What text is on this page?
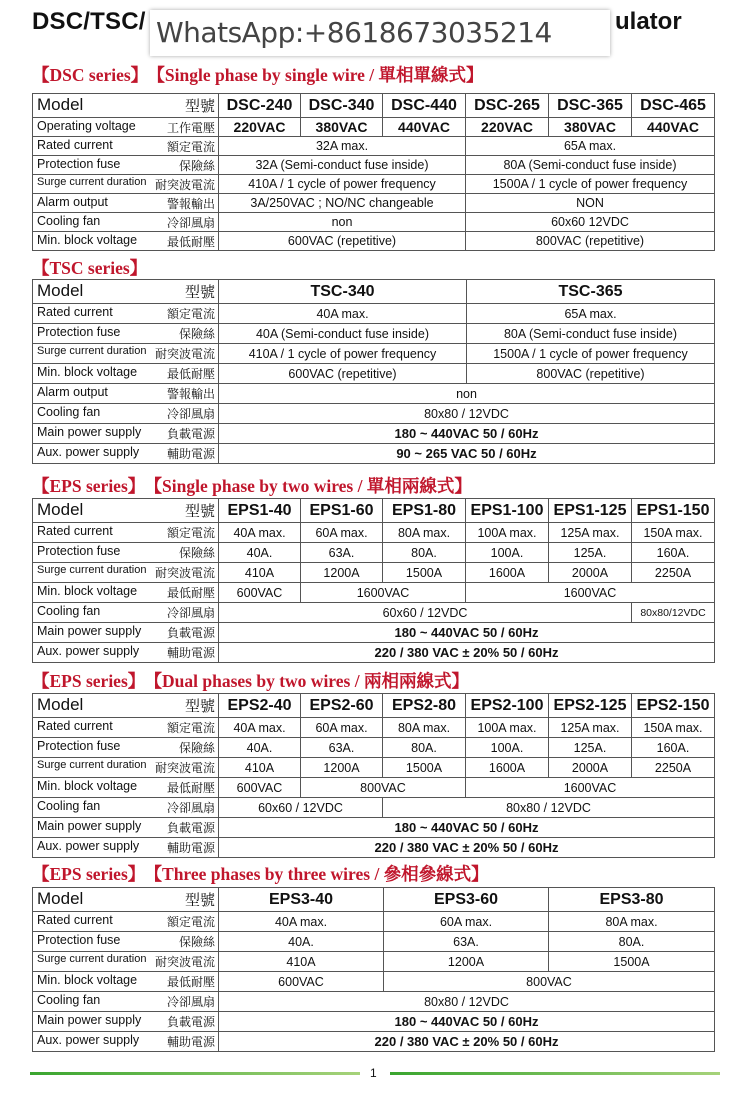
DSC/TSC/ WhatsApp:+8618673035214	ulator
【DSC series】 【Single phase by single wire / 單相單線式】
Model 型號	DSC-240	DSC-340	DSC-440	DSC-265	DSC-365	DSC-465

Operating voltage 工作電壓	220VAC	380VAC	440VAC	220VAC	380VAC	440VAC

Rated current 額定電流	32A max.			65A max.		

Protection fuse 保險絲	32A (Semi-conduct fuse inside)			80A (Semi-conduct fuse inside)		

Surge current duration 耐突波電流	410A / 1 cycle of power frequency			1500A / 1 cycle of power frequency		

Alarm output 警報輸出	3A/250VAC ; NO/NC changeable			NON		

Cooling fan 冷卻風扇	non			60x60 12VDC		

Min. block voltage 最低耐壓	600VAC (repetitive)			800VAC (repetitive)		
【TSC series】
Model 型號	TSC-340	TSC-365

Rated current 額定電流	40A max.	65A max.

Protection fuse 保險絲	40A (Semi-conduct fuse inside)	80A (Semi-conduct fuse inside)

Surge current duration 耐突波電流	410A / 1 cycle of power frequency	1500A / 1 cycle of power frequency

Min. block voltage 最低耐壓	600VAC (repetitive)	800VAC (repetitive)

Alarm output 警報輸出	non	

Cooling fan 冷卻風扇	80x80 / 12VDC	

Main power supply 負載電源	180 ~ 440VAC 50 / 60Hz	

Aux. power supply 輔助電源	90 ~ 265 VAC 50 / 60Hz	
【EPS series】 【Single phase by two wires / 單相兩線式】
Model 型號	EPS1-40	EPS1-60	EPS1-80	EPS1-100	EPS1-125	EPS1-150

Rated current 額定電流	40A max.	60A max.	80A max.	100A max.	125A max.	150A max.

Protection fuse 保險絲	40A.	63A.	80A.	100A.	125A.	160A.

Surge current duration 耐突波電流	410A	1200A	1500A	1600A	2000A	2250A

Min. block voltage 最低耐壓	600VAC	1600VAC		1600VAC		

Cooling fan 冷卻風扇	60x60 / 12VDC					80x80/12VDC

Main power supply 負載電源	180 ~ 440VAC 50 / 60Hz					

Aux. power supply 輔助電源	220 / 380 VAC ± 20% 50 / 60Hz					
【EPS series】 【Dual phases by two wires / 兩相兩線式】
Model 型號	EPS2-40	EPS2-60	EPS2-80	EPS2-100	EPS2-125	EPS2-150

Rated current 額定電流	40A max.	60A max.	80A max.	100A max.	125A max.	150A max.

Protection fuse 保險絲	40A.	63A.	80A.	100A.	125A.	160A.

Surge current duration 耐突波電流	410A	1200A	1500A	1600A	2000A	2250A

Min. block voltage 最低耐壓	600VAC	800VAC		1600VAC		

Cooling fan 冷卻風扇	60x60 / 12VDC		80x80 / 12VDC			

Main power supply 負載電源	180 ~ 440VAC 50 / 60Hz					

Aux. power supply 輔助電源	220 / 380 VAC ± 20% 50 / 60Hz					
【EPS series】 【Three phases by three wires / 參相參線式】
Model 型號	EPS3-40	EPS3-60	EPS3-80

Rated current 額定電流	40A max.	60A max.	80A max.

Protection fuse 保險絲	40A.	63A.	80A.

Surge current duration 耐突波電流	410A	1200A	1500A

Min. block voltage 最低耐壓	600VAC	800VAC	

Cooling fan 冷卻風扇	80x80 / 12VDC		

Main power supply 負載電源	180 ~ 440VAC 50 / 60Hz		

Aux. power supply 輔助電源	220 / 380 VAC ± 20% 50 / 60Hz		
1
